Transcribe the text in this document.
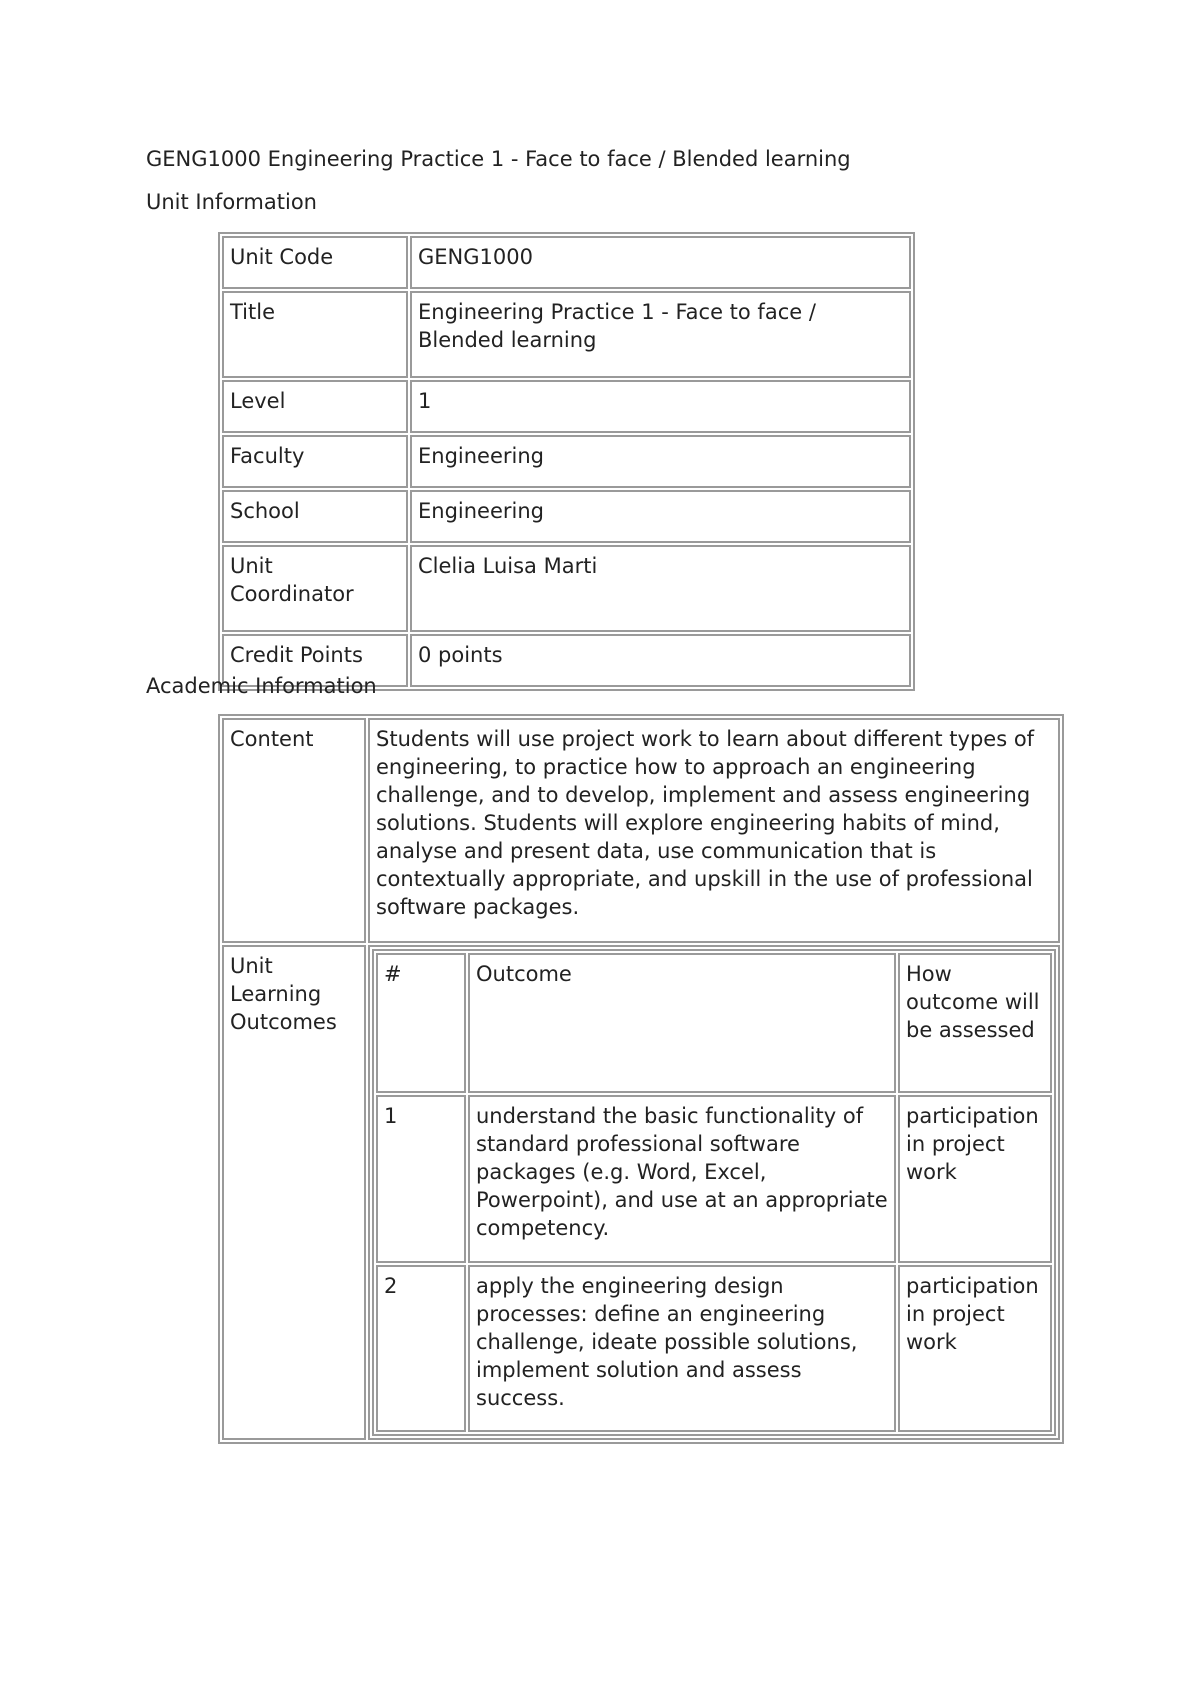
GENG1000 Engineering Practice 1 - Face to face / Blended learning

Unit Information

Unit Code	GENG1000
Title	Engineering Practice 1 - Face to face / Blended learning
Level	1
Faculty	Engineering
School	Engineering
Unit Coordinator	Clelia Luisa Marti
Credit Points	0 points

Academic Information

Content	Students will use project work to learn about different types of engineering, to practice how to approach an engineering challenge, and to develop, implement and assess engineering solutions. Students will explore engineering habits of mind, analyse and present data, use communication that is contextually appropriate, and upskill in the use of professional software packages.
Unit Learning Outcomes	
#	Outcome	How outcome will be assessed
1	understand the basic functionality of standard professional software packages (e.g. Word, Excel, Powerpoint), and use at an appropriate competency.	participation in project work
2	apply the engineering design processes: define an engineering challenge, ideate possible solutions, implement solution and assess success.	participation in project work
